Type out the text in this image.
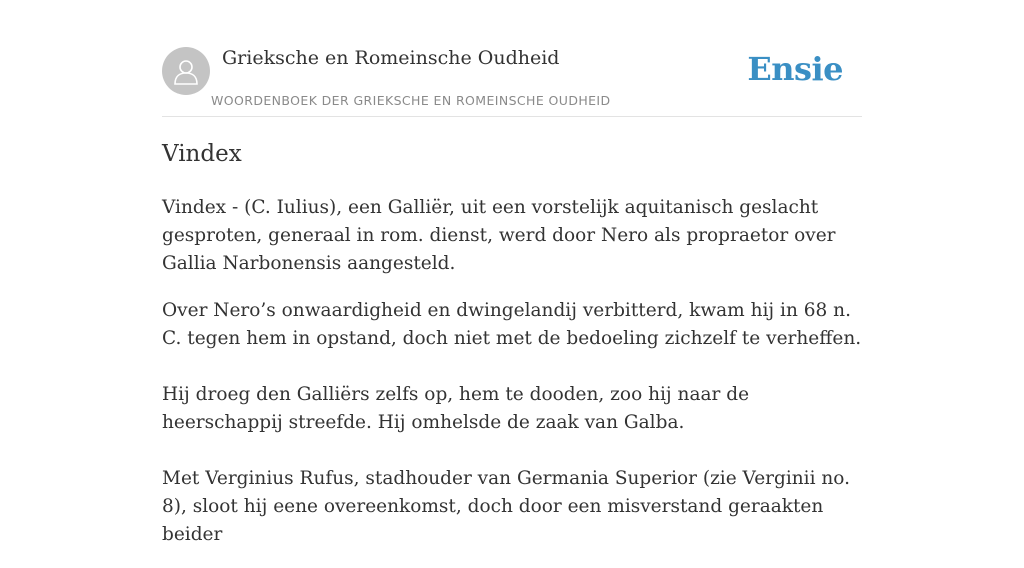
Grieksche en Romeinsche Oudheid
WOORDENBOEK DER GRIEKSCHE EN ROMEINSCHE OUDHEID
Ensie
Vindex

Vindex - (C. Iulius), een Galliër, uit een vorstelijk aquitanisch geslacht gesproten, generaal in rom. dienst, werd door Nero als propraetor over Gallia Narbonensis aangesteld.

Over Nero’s onwaardigheid en dwingelandij verbitterd, kwam hij in 68 n. C. tegen hem in opstand, doch niet met de bedoeling zichzelf te verheffen.

Hij droeg den Galliërs zelfs op, hem te dooden, zoo hij naar de heerschappij streefde. Hij omhelsde de zaak van Galba.

Met Verginius Rufus, stadhouder van Germania Superior (zie Verginii no. 8), sloot hij eene overeenkomst, doch door een misverstand geraakten beider
